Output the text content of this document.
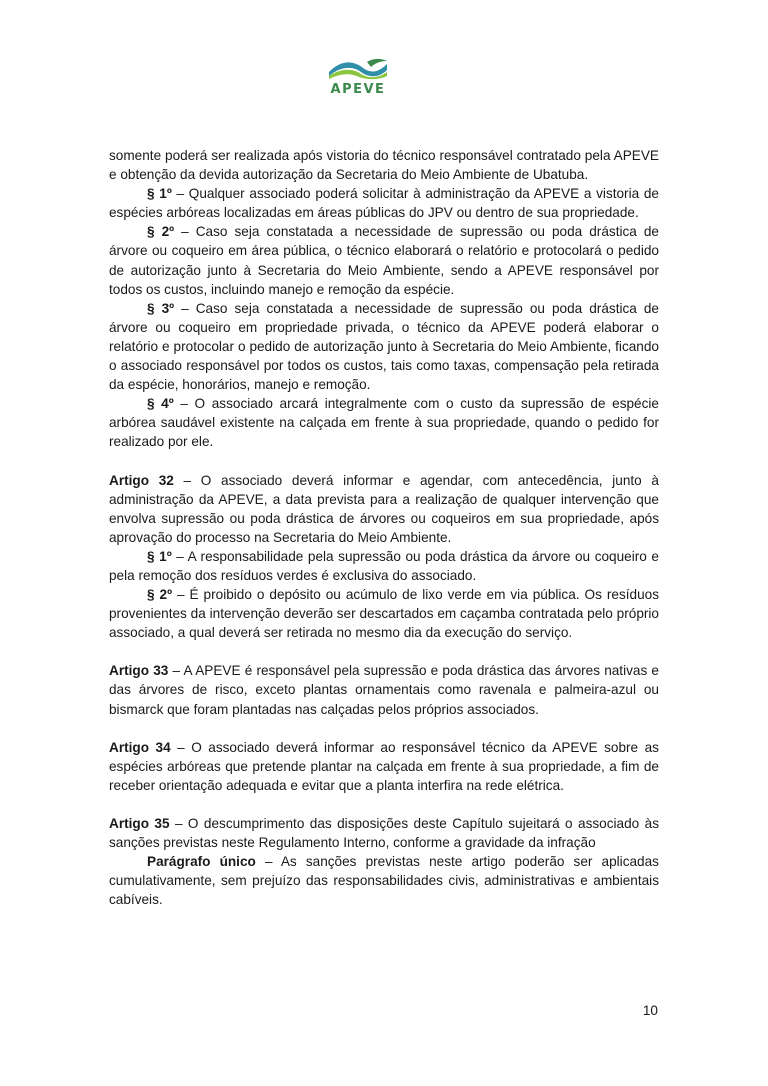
APEVE

somente poderá ser realizada após vistoria do técnico responsável contratado pela APEVE e obtenção da devida autorização da Secretaria do Meio Ambiente de Ubatuba.

§ 1º – Qualquer associado poderá solicitar à administração da APEVE a vistoria de espécies arbóreas localizadas em áreas públicas do JPV ou dentro de sua propriedade.

§ 2º – Caso seja constatada a necessidade de supressão ou poda drástica de árvore ou coqueiro em área pública, o técnico elaborará o relatório e protocolará o pedido de autorização junto à Secretaria do Meio Ambiente, sendo a APEVE responsável por todos os custos, incluindo manejo e remoção da espécie.

§ 3º – Caso seja constatada a necessidade de supressão ou poda drástica de árvore ou coqueiro em propriedade privada, o técnico da APEVE poderá elaborar o relatório e protocolar o pedido de autorização junto à Secretaria do Meio Ambiente, ficando o associado responsável por todos os custos, tais como taxas, compensação pela retirada da espécie, honorários, manejo e remoção.

§ 4º – O associado arcará integralmente com o custo da supressão de espécie arbórea saudável existente na calçada em frente à sua propriedade, quando o pedido for realizado por ele.

Artigo 32 – O associado deverá informar e agendar, com antecedência, junto à administração da APEVE, a data prevista para a realização de qualquer intervenção que envolva supressão ou poda drástica de árvores ou coqueiros em sua propriedade, após aprovação do processo na Secretaria do Meio Ambiente.

§ 1º – A responsabilidade pela supressão ou poda drástica da árvore ou coqueiro e pela remoção dos resíduos verdes é exclusiva do associado.

§ 2º – É proibido o depósito ou acúmulo de lixo verde em via pública. Os resíduos provenientes da intervenção deverão ser descartados em caçamba contratada pelo próprio associado, a qual deverá ser retirada no mesmo dia da execução do serviço.

Artigo 33 – A APEVE é responsável pela supressão e poda drástica das árvores nativas e das árvores de risco, exceto plantas ornamentais como ravenala e palmeira-azul ou bismarck que foram plantadas nas calçadas pelos próprios associados.

Artigo 34 – O associado deverá informar ao responsável técnico da APEVE sobre as espécies arbóreas que pretende plantar na calçada em frente à sua propriedade, a fim de receber orientação adequada e evitar que a planta interfira na rede elétrica.

Artigo 35 – O descumprimento das disposições deste Capítulo sujeitará o associado às sanções previstas neste Regulamento Interno, conforme a gravidade da infração

Parágrafo único – As sanções previstas neste artigo poderão ser aplicadas cumulativamente, sem prejuízo das responsabilidades civis, administrativas e ambientais cabíveis.

10
